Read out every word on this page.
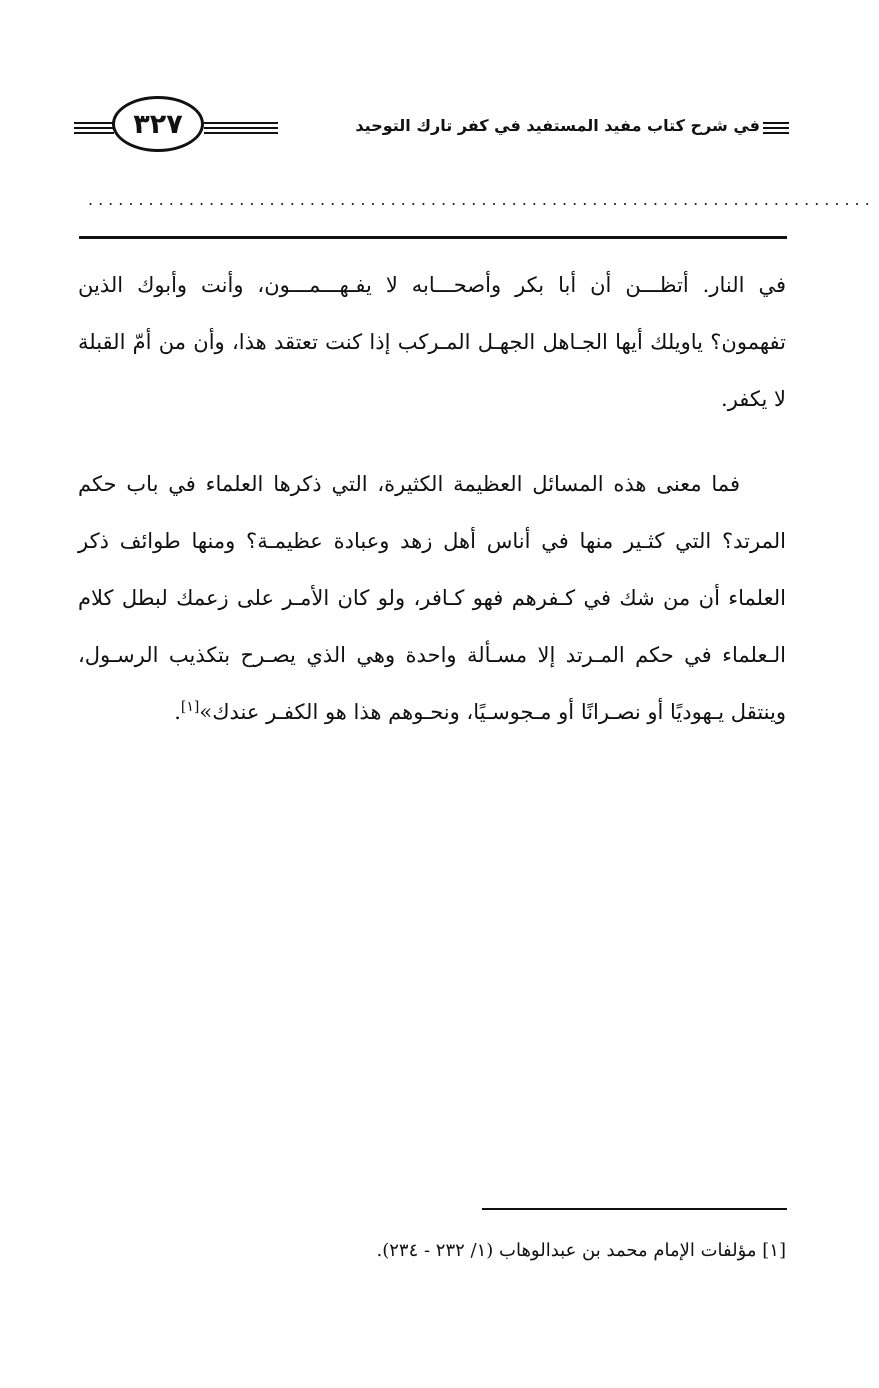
٣٢٧	في شرح كتاب مفيد المستفيد في كفر تارك التوحيد
..............................................................................

في النار. أتظـــن أن أبا بكر وأصحـــابه لا يفـهـــمـــون، وأنت وأبوك الذين تفهمون؟ ياويلك أيها الجـاهل الجهـل المـركب إذا كنت تعتقد هذا، وأن من أمّ القبلة لا يكفر.

فما معنى هذه المسائل العظيمة الكثيرة، التي ذكرها العلماء في باب حكم المرتد؟ التي كثـير منها في أناس أهل زهد وعبادة عظيمـة؟ ومنها طوائف ذكر العلماء أن من شك في كـفرهم فهو كـافر، ولو كان الأمـر على زعمك لبطل كلام الـعلماء في حكم المـرتد إلا مسـألة واحدة وهي الذي يصـرح بتكذيب الرسـول، وينتقل يـهوديًا أو نصـرانًا أو مـجوسـيًا، ونحـوهم هذا هو الكفـر عندك»[١].

[١] مؤلفات الإمام محمد بن عبدالوهاب (١/ ٢٣٢ - ٢٣٤).
